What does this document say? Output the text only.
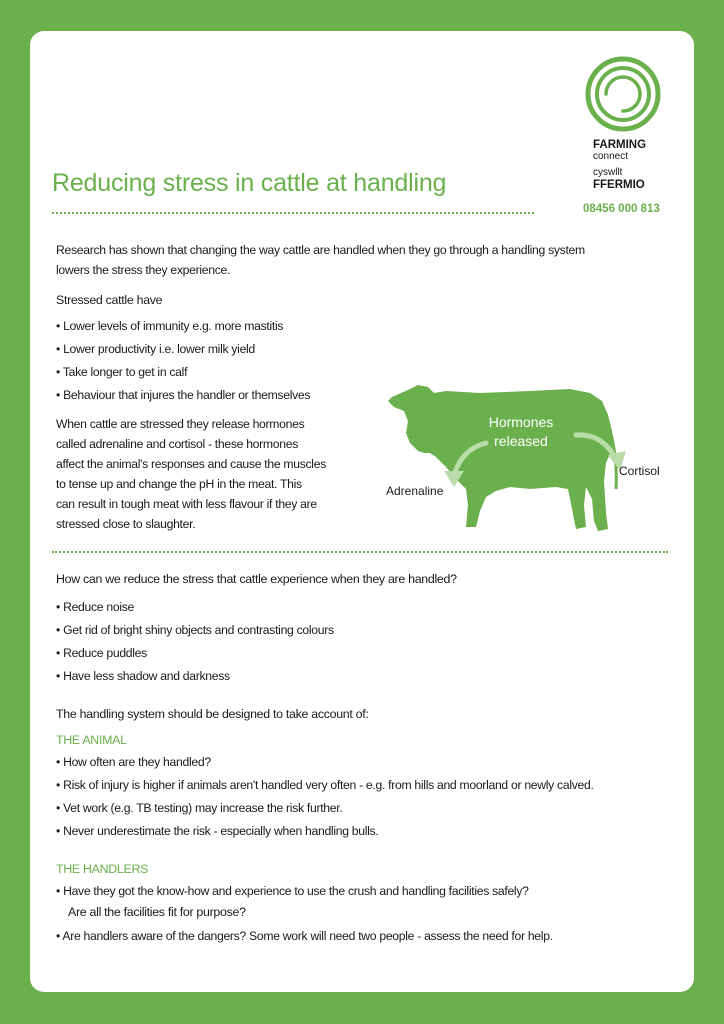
FARMING
connect
cyswllt
FFERMIO
08456 000 813
Reducing stress in cattle at handling
Research has shown that changing the way cattle are handled when they go through a handling system
lowers the stress they experience.
Stressed cattle have
• Lower levels of immunity e.g. more mastitis
• Lower productivity i.e. lower milk yield
• Take longer to get in calf
• Behaviour that injures the handler or themselves
When cattle are stressed they release hormones
called adrenaline and cortisol - these hormones
affect the animal's responses and cause the muscles
to tense up and change the pH in the meat. This
can result in tough meat with less flavour if they are
stressed close to slaughter.
Hormones
released
Adrenaline
Cortisol
How can we reduce the stress that cattle experience when they are handled?
• Reduce noise
• Get rid of bright shiny objects and contrasting colours
• Reduce puddles
• Have less shadow and darkness
The handling system should be designed to take account of:
THE ANIMAL
• How often are they handled?
• Risk of injury is higher if animals aren't handled very often - e.g. from hills and moorland or newly calved.
• Vet work (e.g. TB testing) may increase the risk further.
• Never underestimate the risk - especially when handling bulls.
THE HANDLERS
• Have they got the know-how and experience to use the crush and handling facilities safely?
Are all the facilities fit for purpose?
• Are handlers aware of the dangers? Some work will need two people - assess the need for help.
